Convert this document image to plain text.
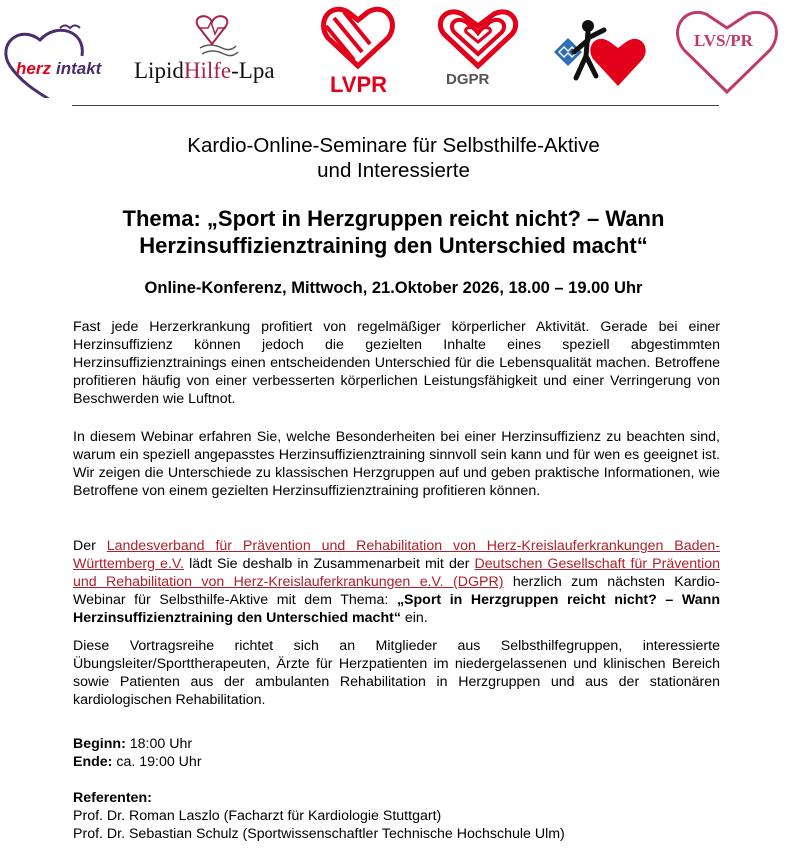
herz intakt LipidHilfe-Lpa
LVPR	DGPR
LVS/PR
Kardio-Online-Seminare für Selbsthilfe-Aktive
und Interessierte
Thema: „Sport in Herzgruppen reicht nicht? – Wann
Herzinsuffizienztraining den Unterschied macht“
Online-Konferenz, Mittwoch, 21.Oktober 2026, 18.00 – 19.00 Uhr
Fast jede Herzerkrankung profitiert von regelmäßiger körperlicher Aktivität. Gerade bei einer Herzinsuffizienz können jedoch die gezielten Inhalte eines speziell abgestimmten Herzinsuffizienztrainings einen entscheidenden Unterschied für die Lebensqualität machen. Betroffene profitieren häufig von einer verbesserten körperlichen Leistungsfähigkeit und einer Verringerung von Beschwerden wie Luftnot.
In diesem Webinar erfahren Sie, welche Besonderheiten bei einer Herzinsuffizienz zu beachten sind, warum ein speziell angepasstes Herzinsuffizienztraining sinnvoll sein kann und für wen es geeignet ist. Wir zeigen die Unterschiede zu klassischen Herzgruppen auf und geben praktische Informationen, wie Betroffene von einem gezielten Herzinsuffizienztraining profitieren können.
Der Landesverband für Prävention und Rehabilitation von Herz-Kreislauferkrankungen Baden-Württemberg e.V. lädt Sie deshalb in Zusammenarbeit mit der Deutschen Gesellschaft für Prävention und Rehabilitation von Herz-Kreislauferkrankungen e.V. (DGPR) herzlich zum nächsten Kardio-Webinar für Selbsthilfe-Aktive mit dem Thema: „Sport in Herzgruppen reicht nicht? – Wann Herzinsuffizienztraining den Unterschied macht“ ein.
Diese Vortragsreihe richtet sich an Mitglieder aus Selbsthilfegruppen, interessierte Übungsleiter/Sporttherapeuten, Ärzte für Herzpatienten im niedergelassenen und klinischen Bereich sowie Patienten aus der ambulanten Rehabilitation in Herzgruppen und aus der stationären kardiologischen Rehabilitation.
Beginn: 18:00 Uhr
Ende: ca. 19:00 Uhr
Referenten:
Prof. Dr. Roman Laszlo (Facharzt für Kardiologie Stuttgart)
Prof. Dr. Sebastian Schulz (Sportwissenschaftler Technische Hochschule Ulm)
